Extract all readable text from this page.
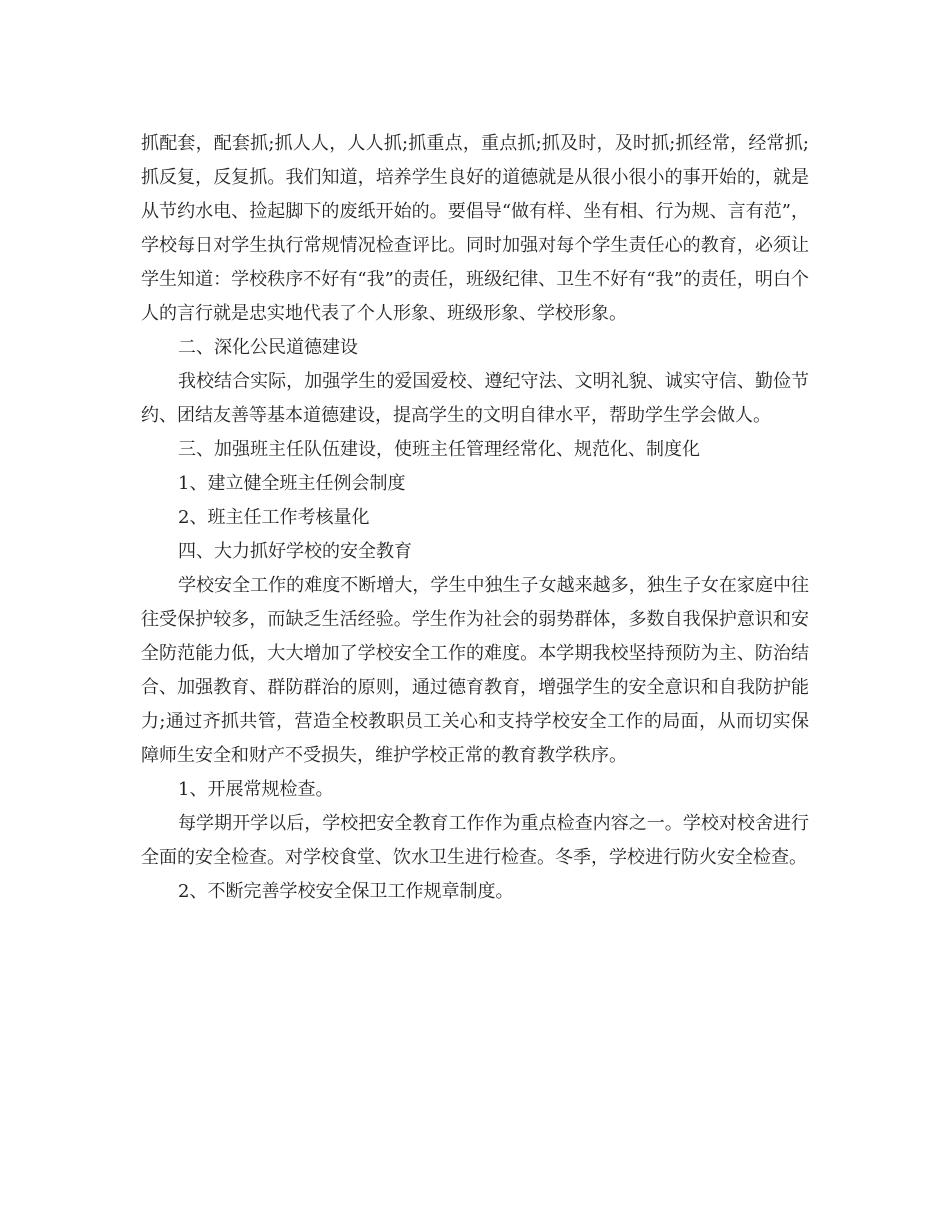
抓配套，配套抓;抓人人，人人抓;抓重点，重点抓;抓及时，及时抓;抓经常，经常抓;抓反复，反复抓。我们知道，培养学生良好的道德就是从很小很小的事开始的，就是从节约水电、捡起脚下的废纸开始的。要倡导“做有样、坐有相、行为规、言有范”，学校每日对学生执行常规情况检查评比。同时加强对每个学生责任心的教育，必须让学生知道：学校秩序不好有“我”的责任，班级纪律、卫生不好有“我”的责任，明白个人的言行就是忠实地代表了个人形象、班级形象、学校形象。

二、深化公民道德建设

我校结合实际，加强学生的爱国爱校、遵纪守法、文明礼貌、诚实守信、勤俭节约、团结友善等基本道德建设，提高学生的文明自律水平，帮助学生学会做人。

三、加强班主任队伍建设，使班主任管理经常化、规范化、制度化

1、建立健全班主任例会制度

2、班主任工作考核量化

四、大力抓好学校的安全教育

学校安全工作的难度不断增大，学生中独生子女越来越多，独生子女在家庭中往往受保护较多，而缺乏生活经验。学生作为社会的弱势群体，多数自我保护意识和安全防范能力低，大大增加了学校安全工作的难度。本学期我校坚持预防为主、防治结合、加强教育、群防群治的原则，通过德育教育，增强学生的安全意识和自我防护能力;通过齐抓共管，营造全校教职员工关心和支持学校安全工作的局面，从而切实保障师生安全和财产不受损失，维护学校正常的教育教学秩序。

1、开展常规检查。

每学期开学以后，学校把安全教育工作作为重点检查内容之一。学校对校舍进行全面的安全检查。对学校食堂、饮水卫生进行检查。冬季，学校进行防火安全检查。

2、不断完善学校安全保卫工作规章制度。
